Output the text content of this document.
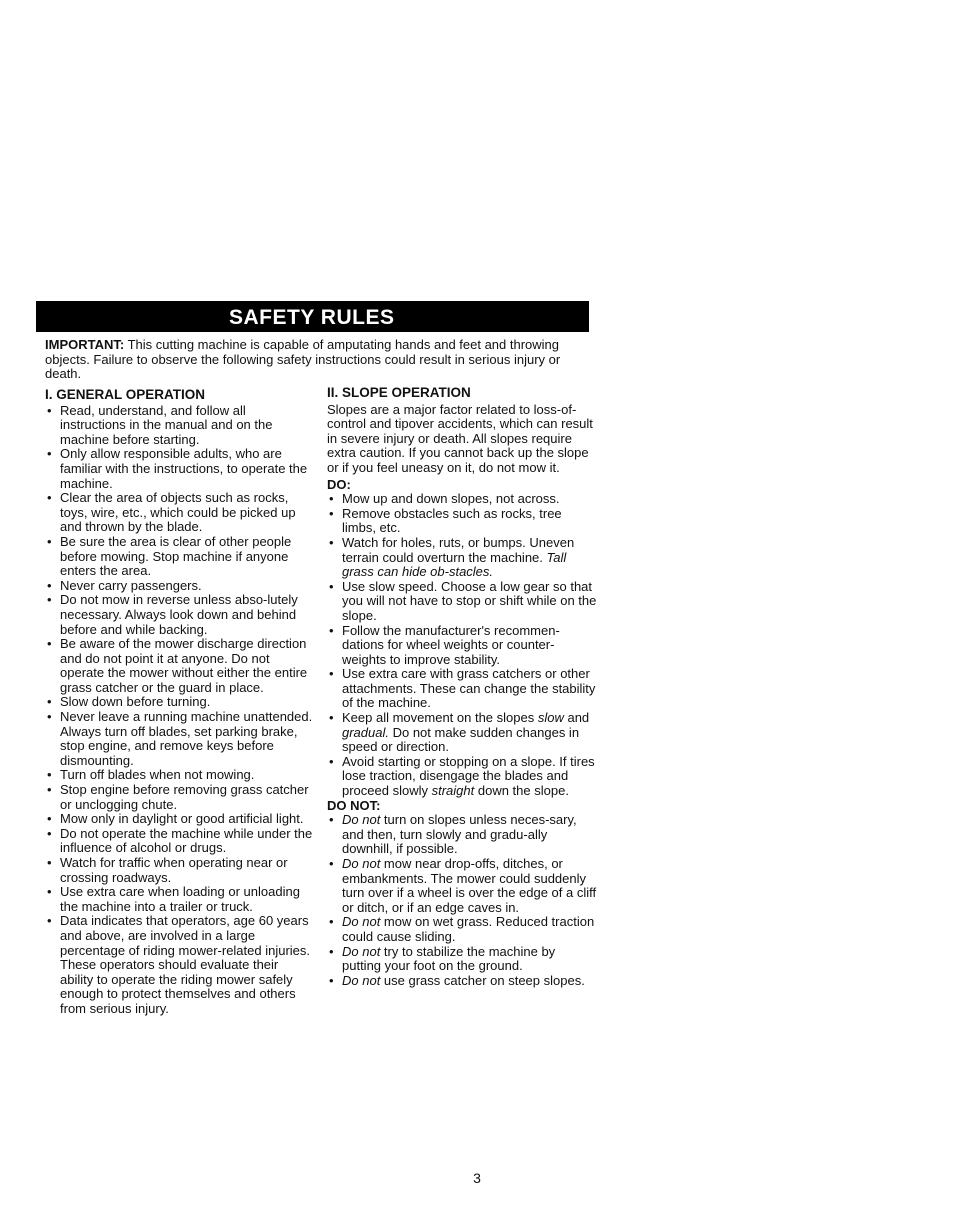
SAFETY RULES
IMPORTANT: This cutting machine is capable of amputating hands and feet and throwing objects. Failure to observe the following safety instructions could result in serious injury or death.
I. GENERAL OPERATION
• Read, understand, and follow all instructions in the manual and on the machine before starting.
• Only allow responsible adults, who are familiar with the instructions, to operate the machine.
• Clear the area of objects such as rocks, toys, wire, etc., which could be picked up and thrown by the blade.
• Be sure the area is clear of other people before mowing. Stop machine if anyone enters the area.
• Never carry passengers.
• Do not mow in reverse unless abso-lutely necessary. Always look down and behind before and while backing.
• Be aware of the mower discharge direction and do not point it at anyone. Do not operate the mower without either the entire grass catcher or the guard in place.
• Slow down before turning.
• Never leave a running machine unattended. Always turn off blades, set parking brake, stop engine, and remove keys before dismounting.
• Turn off blades when not mowing.
• Stop engine before removing grass catcher or unclogging chute.
• Mow only in daylight or good artificial light.
• Do not operate the machine while under the influence of alcohol or drugs.
• Watch for traffic when operating near or crossing roadways.
• Use extra care when loading or unloading the machine into a trailer or truck.
• Data indicates that operators, age 60 years and above, are involved in a large percentage of riding mower-related injuries. These operators should evaluate their ability to operate the riding mower safely enough to protect themselves and others from serious injury.
II. SLOPE OPERATION
Slopes are a major factor related to loss-of-control and tipover accidents, which can result in severe injury or death. All slopes require extra caution. If you cannot back up the slope or if you feel uneasy on it, do not mow it.
DO:
• Mow up and down slopes, not across.
• Remove obstacles such as rocks, tree limbs, etc.
• Watch for holes, ruts, or bumps. Uneven terrain could overturn the machine. Tall grass can hide ob-stacles.
• Use slow speed. Choose a low gear so that you will not have to stop or shift while on the slope.
• Follow the manufacturer's recommen-dations for wheel weights or counter-weights to improve stability.
• Use extra care with grass catchers or other attachments. These can change the stability of the machine.
• Keep all movement on the slopes slow and gradual. Do not make sudden changes in speed or direction.
• Avoid starting or stopping on a slope. If tires lose traction, disengage the blades and proceed slowly straight down the slope.
DO NOT:
• Do not turn on slopes unless neces-sary, and then, turn slowly and gradu-ally downhill, if possible.
• Do not mow near drop-offs, ditches, or embankments. The mower could suddenly turn over if a wheel is over the edge of a cliff or ditch, or if an edge caves in.
• Do not mow on wet grass. Reduced traction could cause sliding.
• Do not try to stabilize the machine by putting your foot on the ground.
• Do not use grass catcher on steep slopes.
3
